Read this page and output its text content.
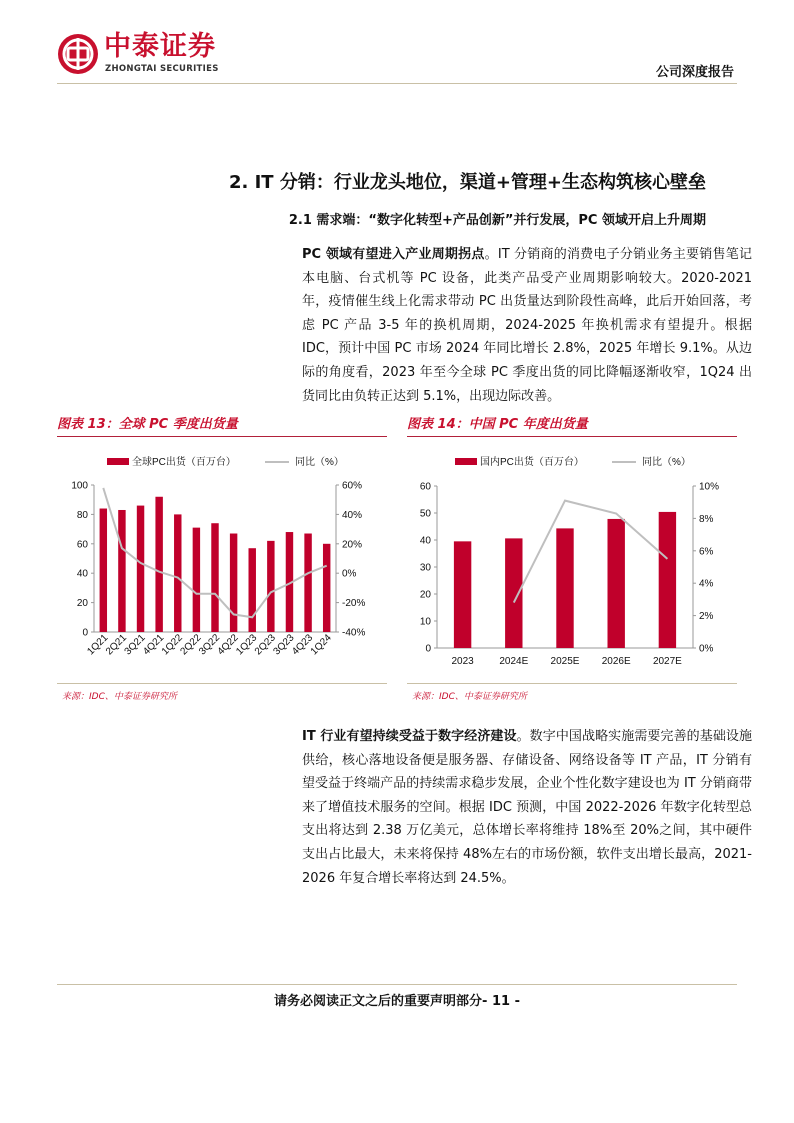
中泰证券
ZHONGTAI SECURITIES	公司深度报告
2. IT 分销：行业龙头地位，渠道+管理+生态构筑核心壁垒
2.1 需求端：“数字化转型+产品创新”并行发展，PC 领域开启上升周期
PC 领域有望进入产业周期拐点。IT 分销商的消费电子分销业务主要销售笔记本电脑、台式机等 PC 设备，此类产品受产业周期影响较大。2020-2021 年，疫情催生线上化需求带动 PC 出货量达到阶段性高峰，此后开始回落，考虑 PC 产品 3-5 年的换机周期，2024-2025 年换机需求有望提升。根据 IDC，预计中国 PC 市场 2024 年同比增长 2.8%，2025 年增长 9.1%。从边际的角度看，2023 年至今全球 PC 季度出货的同比降幅逐渐收窄，1Q24 出货同比由负转正达到 5.1%，出现边际改善。
图表 13：全球 PC 季度出货量	图表 14：中国 PC 年度出货量
全球PC出货（百万台）	同比（%）
0
20
40
60
80
100
-40%
-20%
0%
20%
40%
60%
1Q21
2Q21
3Q21
4Q21
1Q22
2Q22
3Q22
4Q22
1Q23
2Q23
3Q23
4Q23
1Q24
国内PC出货（百万台）	同比（%）
0
10
20
30
40
50
60
0%
2%
4%
6%
8%
10%
2023	2024E 2025E 2026E 2027E
来源：IDC、中泰证券研究所	来源：IDC、中泰证券研究所
IT 行业有望持续受益于数字经济建设。数字中国战略实施需要完善的基础设施供给，核心落地设备便是服务器、存储设备、网络设备等 IT 产品，IT 分销有望受益于终端产品的持续需求稳步发展，企业个性化数字建设也为 IT 分销商带来了增值技术服务的空间。根据 IDC 预测，中国 2022-2026 年数字化转型总支出将达到 2.38 万亿美元，总体增长率将维持 18%至 20%之间，其中硬件支出占比最大，未来将保持 48%左右的市场份额，软件支出增长最高，2021-2026 年复合增长率将达到 24.5%。
请务必阅读正文之后的重要声明部分- 11 -
